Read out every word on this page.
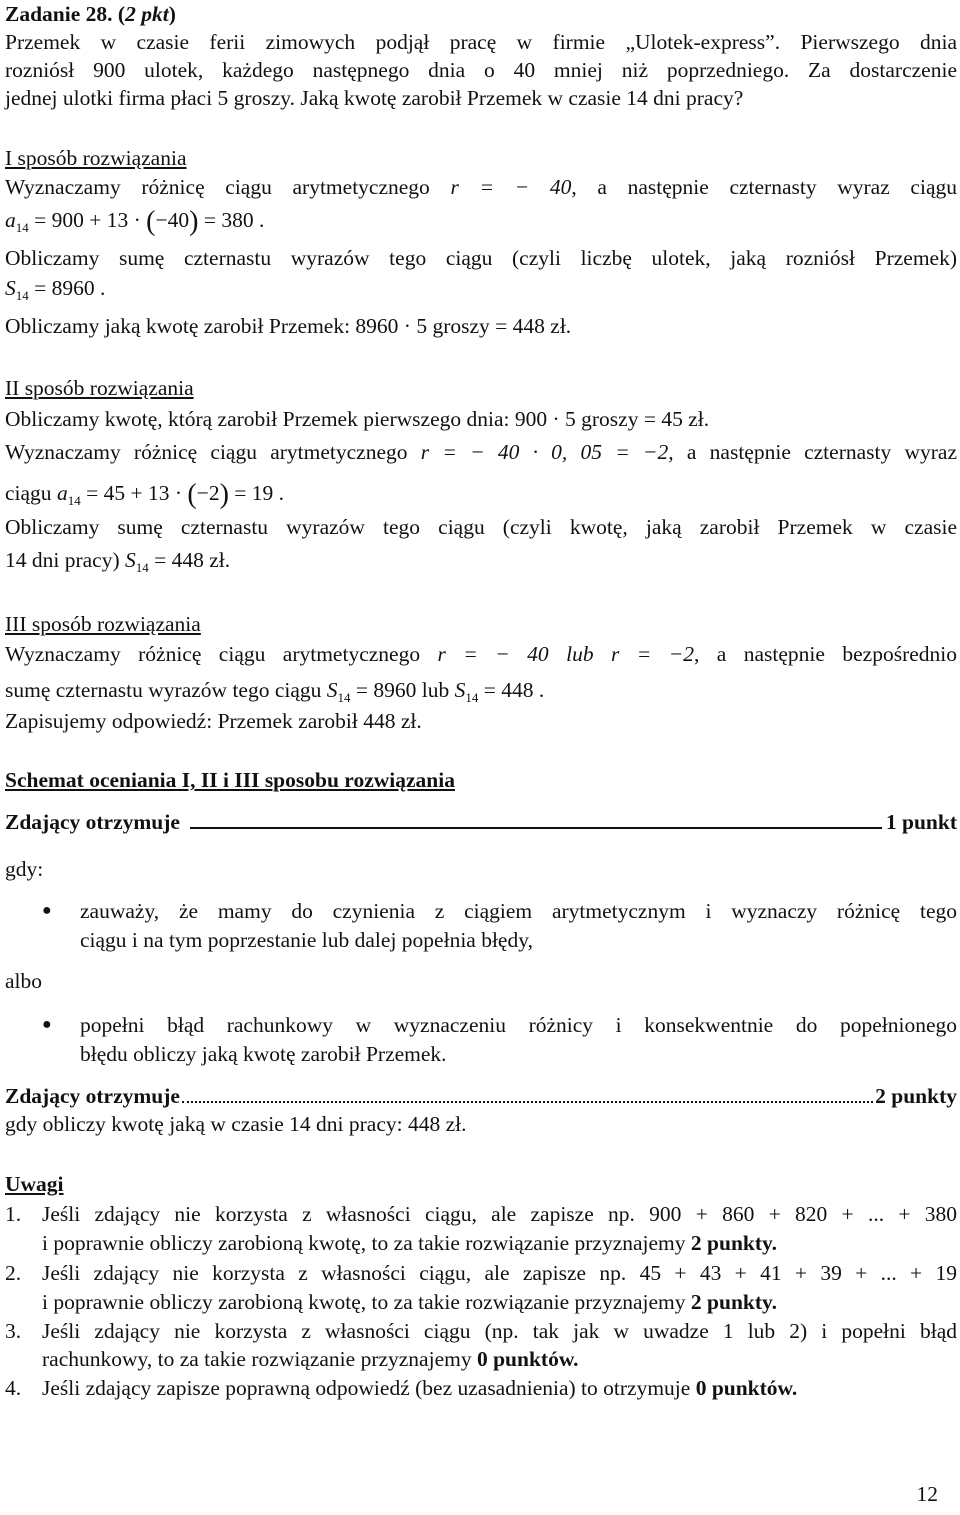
Zadanie 28. (2 pkt)
Przemek w czasie ferii zimowych podjął pracę w firmie „Ulotek-express”. Pierwszego dnia
rozniósł 900 ulotek, każdego następnego dnia o 40 mniej niż poprzedniego. Za dostarczenie
jednej ulotki firma płaci 5 groszy. Jaką kwotę zarobił Przemek w czasie 14 dni pracy?
I sposób rozwiązania
Wyznaczamy różnicę ciągu arytmetycznego r = − 40, a następnie czternasty wyraz ciągu
$a_{14} = 900 + 13 \cdot (-40) = 380$ .
Obliczamy sumę czternastu wyrazów tego ciągu (czyli liczbę ulotek, jaką rozniósł Przemek)
$S_{14} = 8960$ .
Obliczamy jaką kwotę zarobił Przemek: 8960 · 5 groszy = 448 zł.
II sposób rozwiązania
Obliczamy kwotę, którą zarobił Przemek pierwszego dnia: 900 · 5 groszy = 45 zł.
Wyznaczamy różnicę ciągu arytmetycznego r = − 40 · 0, 05 = −2, a następnie czternasty wyraz
ciągu $a_{14} = 45 + 13 \cdot (-2) = 19$ .
Obliczamy sumę czternastu wyrazów tego ciągu (czyli kwotę, jaką zarobił Przemek w czasie
14 dni pracy) $S_{14} = 448$ zł.
III sposób rozwiązania
Wyznaczamy różnicę ciągu arytmetycznego r = − 40 lub r = −2, a następnie bezpośrednio
sumę czternastu wyrazów tego ciągu $S_{14} = 8960$ lub $S_{14} = 448$ .
Zapisujemy odpowiedź: Przemek zarobił 448 zł.
Schemat oceniania I, II i III sposobu rozwiązania
Zdający otrzymuje	1 punkt
gdy:
● zauważy, że mamy do czynienia z ciągiem arytmetycznym i wyznaczy różnicę tego
ciągu i na tym poprzestanie lub dalej popełnia błędy,
albo
● popełni błąd rachunkowy w wyznaczeniu różnicy i konsekwentnie do popełnionego
błędu obliczy jaką kwotę zarobił Przemek.
Zdający otrzymuje	2 punkty
gdy obliczy kwotę jaką w czasie 14 dni pracy: 448 zł.
Uwagi
1. Jeśli zdający nie korzysta z własności ciągu, ale zapisze np. 900 + 860 + 820 + ... + 380
i poprawnie obliczy zarobioną kwotę, to za takie rozwiązanie przyznajemy 2 punkty.
2. Jeśli zdający nie korzysta z własności ciągu, ale zapisze np. 45 + 43 + 41 + 39 + ... + 19
i poprawnie obliczy zarobioną kwotę, to za takie rozwiązanie przyznajemy 2 punkty.
3. Jeśli zdający nie korzysta z własności ciągu (np. tak jak w uwadze 1 lub 2) i popełni błąd
rachunkowy, to za takie rozwiązanie przyznajemy 0 punktów.
4. Jeśli zdający zapisze poprawną odpowiedź (bez uzasadnienia) to otrzymuje 0 punktów.
12
